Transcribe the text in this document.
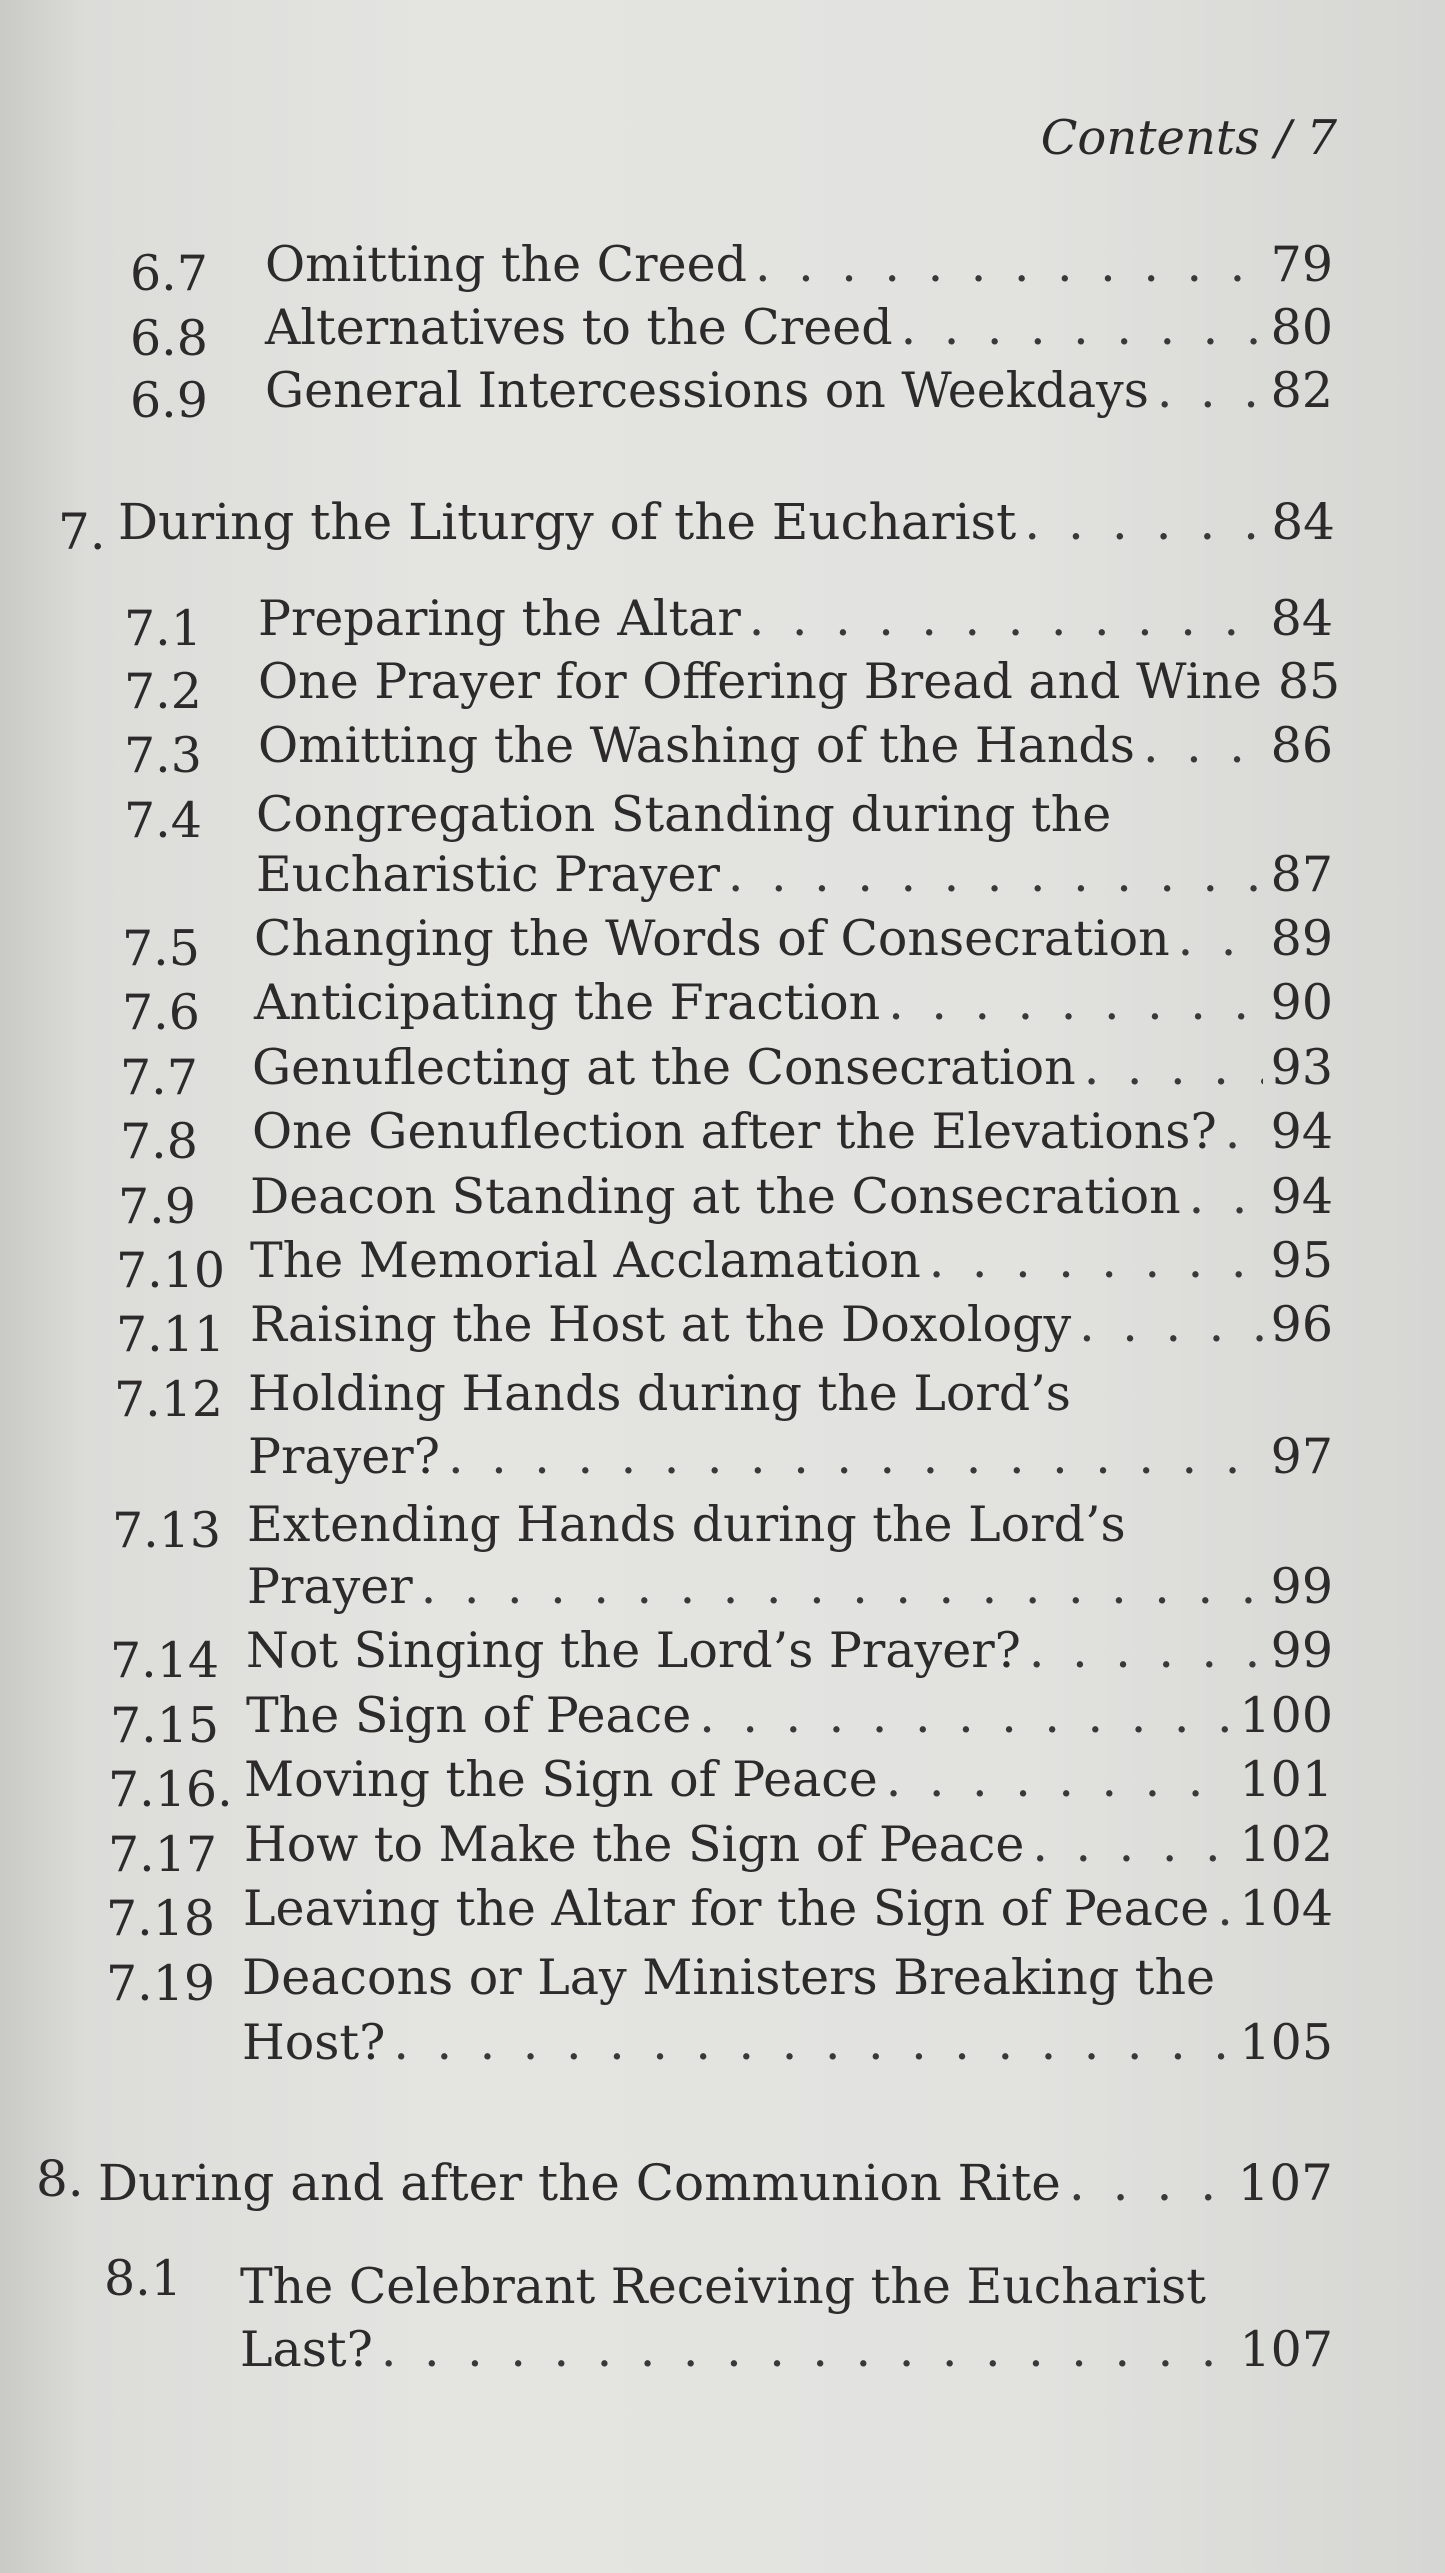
Contents / 7
6.7 Omitting the Creed . . .	79
6.8 Alternatives to the Creed . . .	80
6.9 General Intercessions on Weekdays . . . 82
7. During the Liturgy of the Eucharist . . .	84
7.1 Preparing the Altar . . .	84
7.2 One Prayer for Offering Bread and Wine 85
7.3 Omitting the Washing of the Hands . . .	86
7.4 Congregation Standing during the
Eucharistic Prayer . . .	87
7.5 Changing the Words of Consecration . . . 89
7.6 Anticipating the Fraction . . .	90
7.7 Genuflecting at the Consecration . . .	93
7.8 One Genuflection after the Elevations? . . . 94
7.9 Deacon Standing at the Consecration . . . 94
7.10 The Memorial Acclamation . . .	95
7.11 Raising the Host at the Doxology . . .	96
7.12 Holding Hands during the Lord’s
Prayer? . . .	97
7.13 Extending Hands during the Lord’s
Prayer . . .	99
7.14 Not Singing the Lord’s Prayer? . . .	99
7.15 The Sign of Peace . . .	100
7.16. Moving the Sign of Peace . . .	101
7.17 How to Make the Sign of Peace . . .	102
7.18 Leaving the Altar for the Sign of Peace . . . 104
7.19 Deacons or Lay Ministers Breaking the
Host? . . .	105
8. During and after the Communion Rite . . .	107
8.1 The Celebrant Receiving the Eucharist
Last? . . .	107
